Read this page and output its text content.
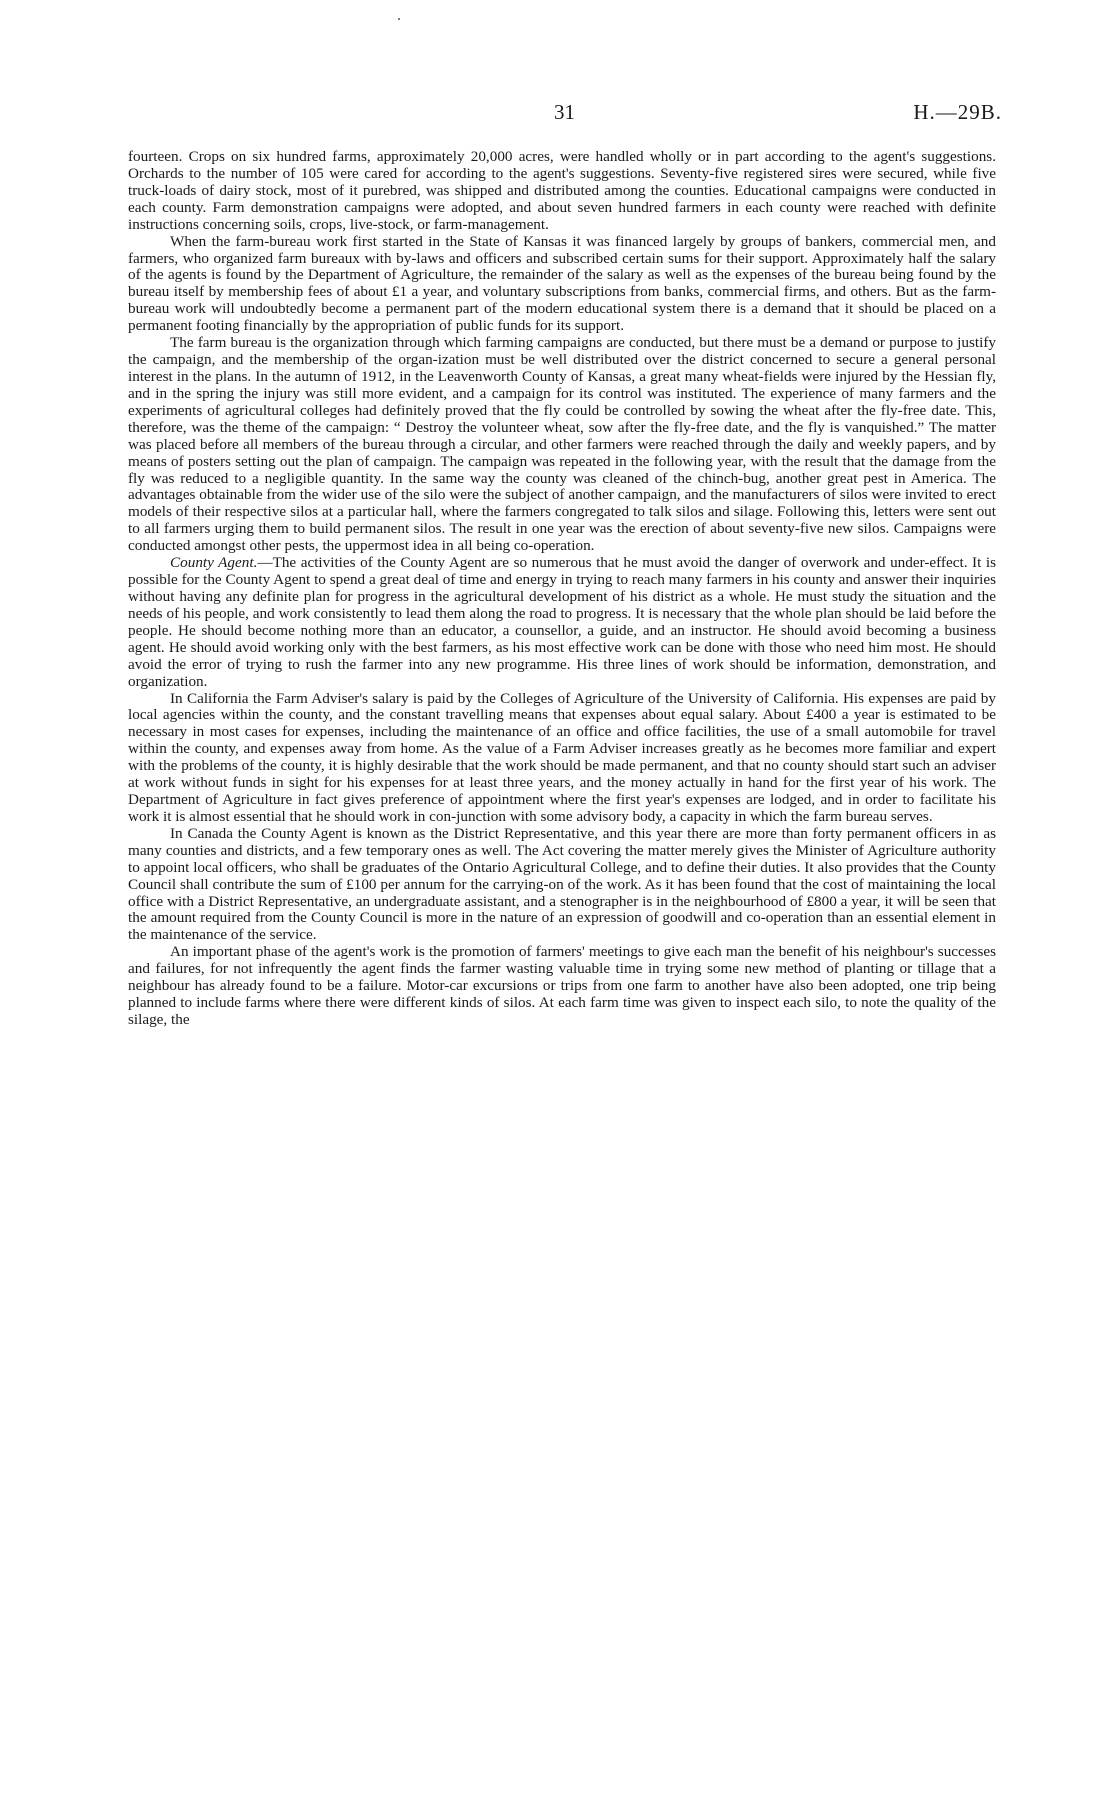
31	H.—29B.

fourteen. Crops on six hundred farms, approximately 20,000 acres, were handled wholly or in part according to the agent's suggestions. Orchards to the number of 105 were cared for according to the agent's suggestions. Seventy-five registered sires were secured, while five truck-loads of dairy stock, most of it purebred, was shipped and distributed among the counties. Educational campaigns were conducted in each county. Farm demonstration campaigns were adopted, and about seven hundred farmers in each county were reached with definite instructions concerning soils, crops, live-stock, or farm-management.

When the farm-bureau work first started in the State of Kansas it was financed largely by groups of bankers, commercial men, and farmers, who organized farm bureaux with by-laws and officers and subscribed certain sums for their support. Approximately half the salary of the agents is found by the Department of Agriculture, the remainder of the salary as well as the expenses of the bureau being found by the bureau itself by membership fees of about £1 a year, and voluntary subscriptions from banks, commercial firms, and others. But as the farm-bureau work will undoubtedly become a permanent part of the modern educational system there is a demand that it should be placed on a permanent footing financially by the appropriation of public funds for its support.

The farm bureau is the organization through which farming campaigns are conducted, but there must be a demand or purpose to justify the campaign, and the membership of the organ-ization must be well distributed over the district concerned to secure a general personal interest in the plans. In the autumn of 1912, in the Leavenworth County of Kansas, a great many wheat-fields were injured by the Hessian fly, and in the spring the injury was still more evident, and a campaign for its control was instituted. The experience of many farmers and the experiments of agricultural colleges had definitely proved that the fly could be controlled by sowing the wheat after the fly-free date. This, therefore, was the theme of the campaign: “ Destroy the volunteer wheat, sow after the fly-free date, and the fly is vanquished.” The matter was placed before all members of the bureau through a circular, and other farmers were reached through the daily and weekly papers, and by means of posters setting out the plan of campaign. The campaign was repeated in the following year, with the result that the damage from the fly was reduced to a negligible quantity. In the same way the county was cleaned of the chinch-bug, another great pest in America. The advantages obtainable from the wider use of the silo were the subject of another campaign, and the manufacturers of silos were invited to erect models of their respective silos at a particular hall, where the farmers congregated to talk silos and silage. Following this, letters were sent out to all farmers urging them to build permanent silos. The result in one year was the erection of about seventy-five new silos. Campaigns were conducted amongst other pests, the uppermost idea in all being co-operation.

County Agent.—The activities of the County Agent are so numerous that he must avoid the danger of overwork and under-effect. It is possible for the County Agent to spend a great deal of time and energy in trying to reach many farmers in his county and answer their inquiries without having any definite plan for progress in the agricultural development of his district as a whole. He must study the situation and the needs of his people, and work consistently to lead them along the road to progress. It is necessary that the whole plan should be laid before the people. He should become nothing more than an educator, a counsellor, a guide, and an instructor. He should avoid becoming a business agent. He should avoid working only with the best farmers, as his most effective work can be done with those who need him most. He should avoid the error of trying to rush the farmer into any new programme. His three lines of work should be information, demonstration, and organization.

In California the Farm Adviser's salary is paid by the Colleges of Agriculture of the University of California. His expenses are paid by local agencies within the county, and the constant travelling means that expenses about equal salary. About £400 a year is estimated to be necessary in most cases for expenses, including the maintenance of an office and office facilities, the use of a small automobile for travel within the county, and expenses away from home. As the value of a Farm Adviser increases greatly as he becomes more familiar and expert with the problems of the county, it is highly desirable that the work should be made permanent, and that no county should start such an adviser at work without funds in sight for his expenses for at least three years, and the money actually in hand for the first year of his work. The Department of Agriculture in fact gives preference of appointment where the first year's expenses are lodged, and in order to facilitate his work it is almost essential that he should work in con-junction with some advisory body, a capacity in which the farm bureau serves.

In Canada the County Agent is known as the District Representative, and this year there are more than forty permanent officers in as many counties and districts, and a few temporary ones as well. The Act covering the matter merely gives the Minister of Agriculture authority to appoint local officers, who shall be graduates of the Ontario Agricultural College, and to define their duties. It also provides that the County Council shall contribute the sum of £100 per annum for the carrying-on of the work. As it has been found that the cost of maintaining the local office with a District Representative, an undergraduate assistant, and a stenographer is in the neighbourhood of £800 a year, it will be seen that the amount required from the County Council is more in the nature of an expression of goodwill and co-operation than an essential element in the maintenance of the service.

An important phase of the agent's work is the promotion of farmers' meetings to give each man the benefit of his neighbour's successes and failures, for not infrequently the agent finds the farmer wasting valuable time in trying some new method of planting or tillage that a neighbour has already found to be a failure. Motor-car excursions or trips from one farm to another have also been adopted, one trip being planned to include farms where there were different kinds of silos. At each farm time was given to inspect each silo, to note the quality of the silage, the
